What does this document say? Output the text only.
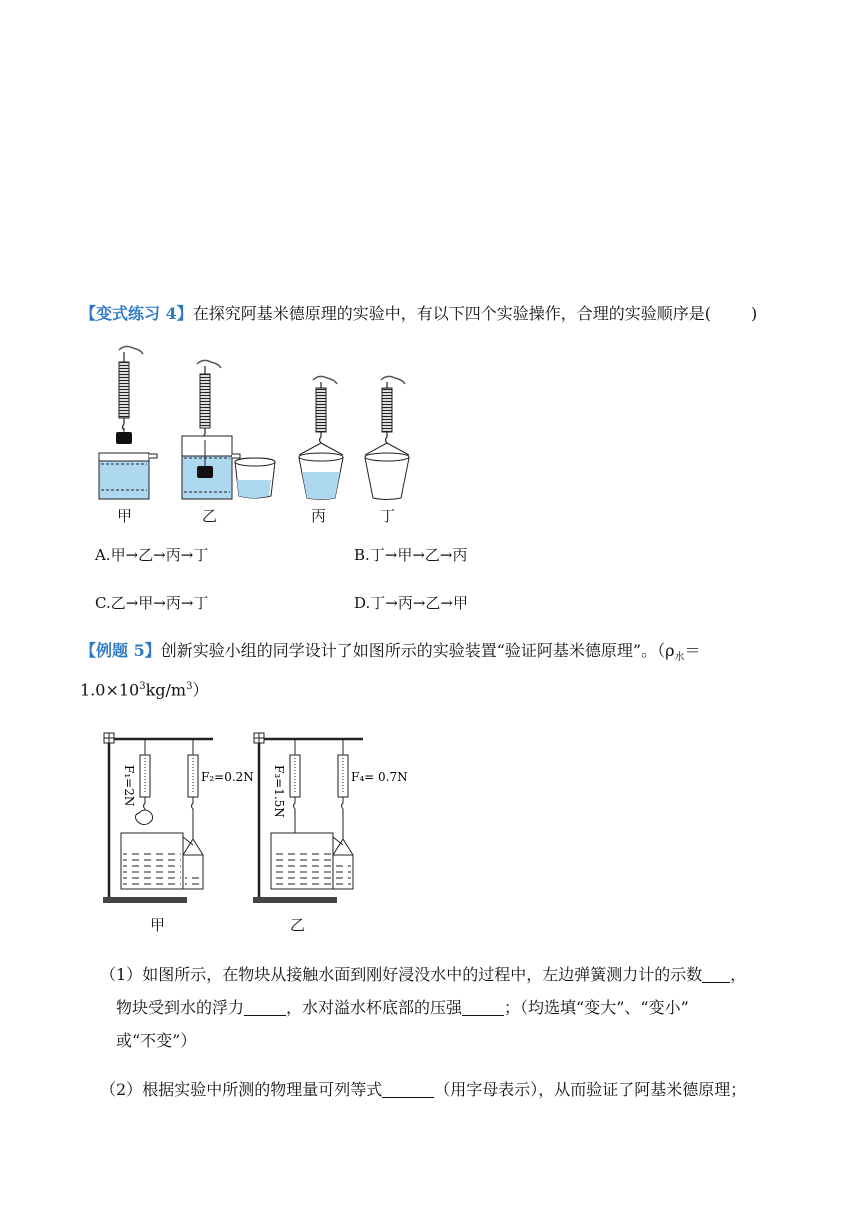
【变式练习 4】在探究阿基米德原理的实验中，有以下四个实验操作，合理的实验顺序是(	)
甲	乙	丙	丁
A.甲→乙→丙→丁	B.丁→甲→乙→丙
C.乙→甲→丙→丁	D.丁→丙→乙→甲
【例题 5】创新实验小组的同学设计了如图所示的实验装置“验证阿基米德原理”。（$\rho_水=$
$1.0\times 10^3kg/m^3$）
F₁=2N	F₂=0.2N F₃=1.5N	F₄= 0.7N
甲	乙
（1）如图所示，在物块从接触水面到刚好浸没水中的过程中，左边弹簧测力计的示数 ，
物块受到水的浮力	，水对溢水杯底部的压强	；（均选填“变大”、“变小”
或“不变”）
（2）根据实验中所测的物理量可列等式	（用字母表示），从而验证了阿基米德原理；
